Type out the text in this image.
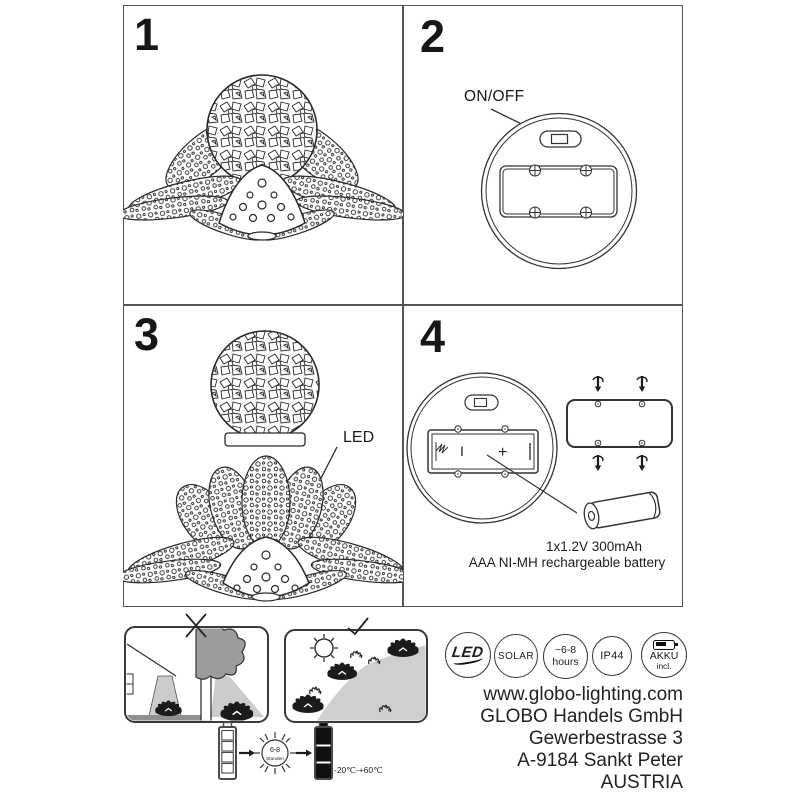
1	2
3	4
ON/OFF
LED
I +
1x1.2V 300mAh
AAA NI-MH rechargeable battery
6-8
Stunden
-20℃-+60℃
LED SOLAR ~6-8
hours IP44 AKKU
incl.
www.globo-lighting.com
GLOBO Handels GmbH
Gewerbestrasse 3
A-9184 Sankt Peter
AUSTRIA
